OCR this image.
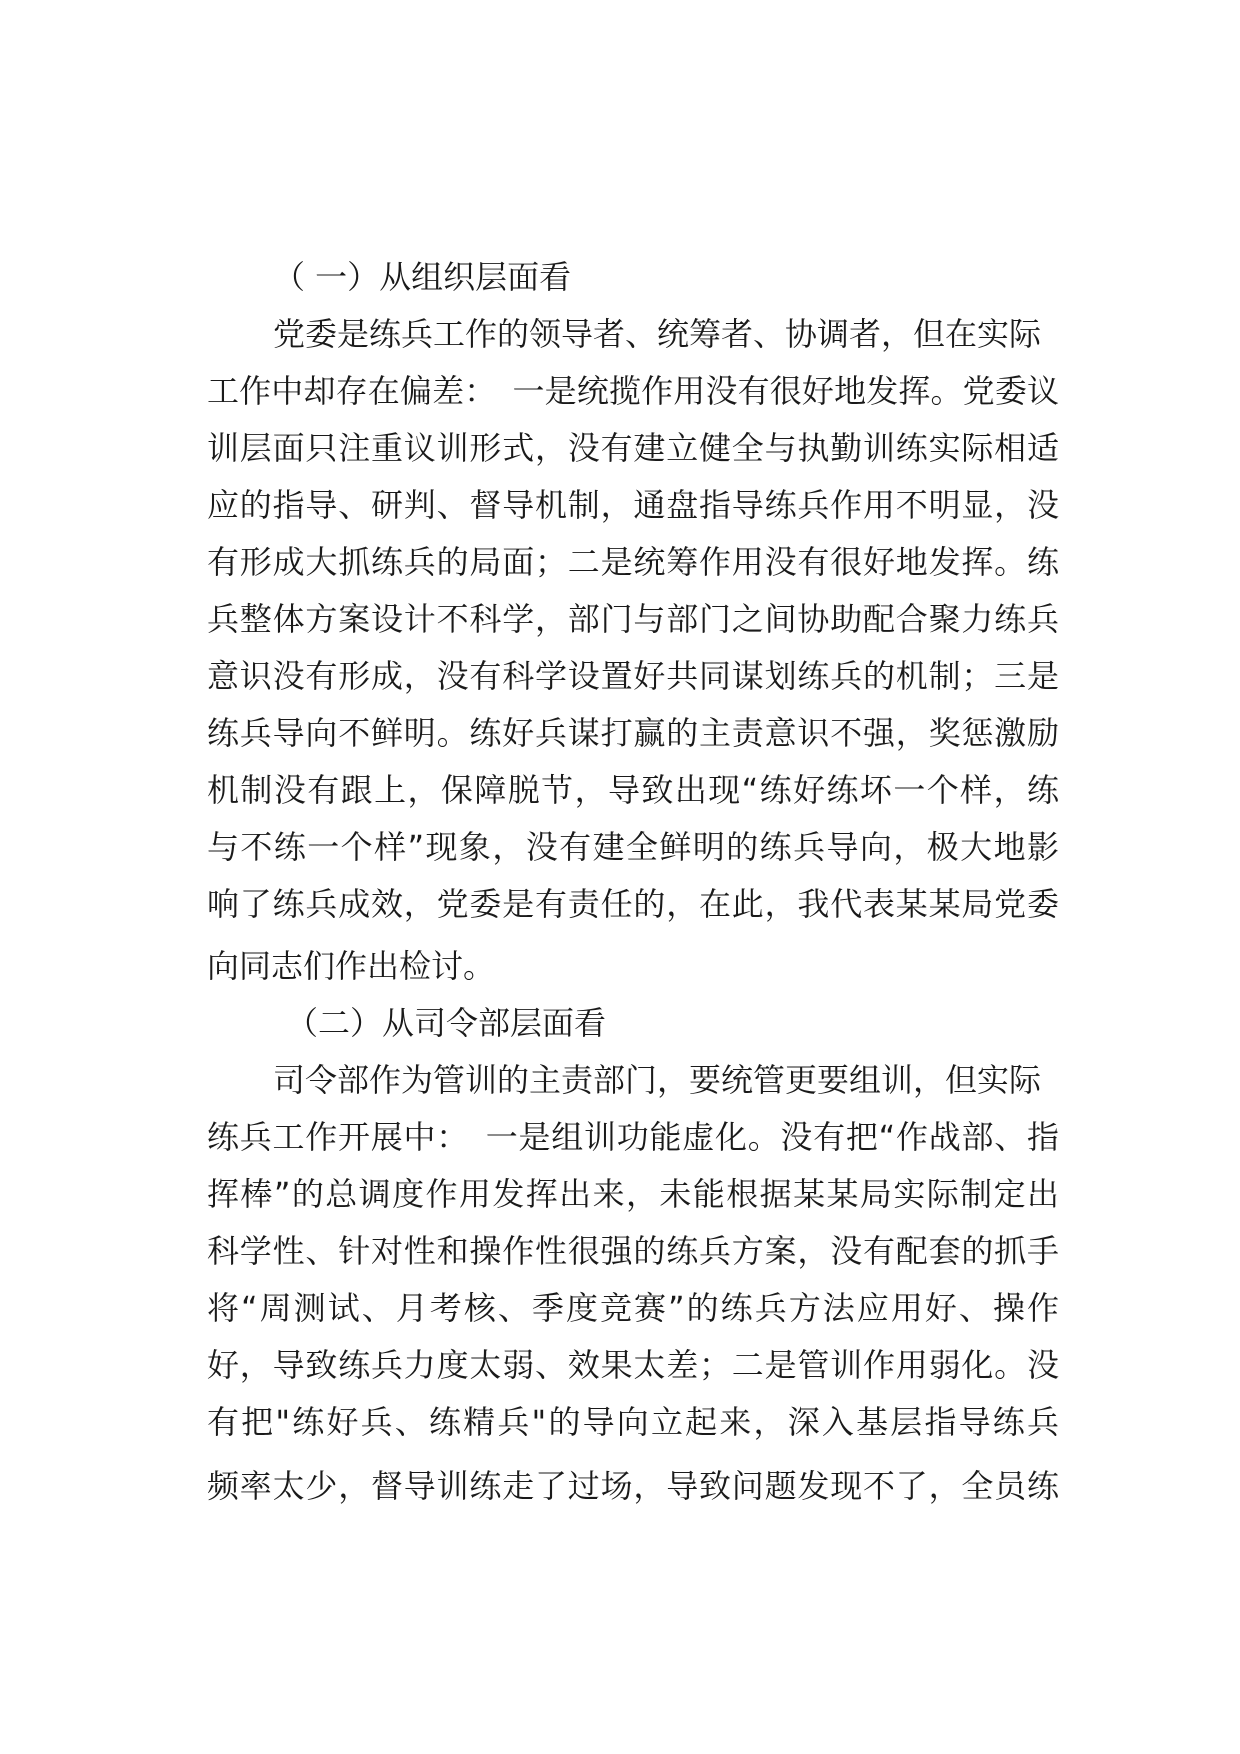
（ 一）从组织层面看
党委是练兵工作的领导者、统筹者、协调者，但在实际
工作中却存在偏差：　一是统揽作用没有很好地发挥。党委议
训层面只注重议训形式，没有建立健全与执勤训练实际相适
应的指导、研判、督导机制，通盘指导练兵作用不明显，没
有形成大抓练兵的局面；二是统筹作用没有很好地发挥。练
兵整体方案设计不科学，部门与部门之间协助配合聚力练兵
意识没有形成，没有科学设置好共同谋划练兵的机制；三是
练兵导向不鲜明。练好兵谋打赢的主责意识不强，奖惩激励
机制没有跟上，保障脱节，导致出现“练好练坏一个样，练
与不练一个样”现象，没有建全鲜明的练兵导向，极大地影
响了练兵成效，党委是有责任的，在此，我代表某某局党委
向同志们作出检讨。
（二）从司令部层面看
司令部作为管训的主责部门，要统管更要组训，但实际
练兵工作开展中：　一是组训功能虚化。没有把“作战部、指
挥棒”的总调度作用发挥出来，未能根据某某局实际制定出
科学性、针对性和操作性很强的练兵方案，没有配套的抓手
将“周测试、月考核、季度竞赛”的练兵方法应用好、操作
好，导致练兵力度太弱、效果太差；二是管训作用弱化。没
有把"练好兵、练精兵"的导向立起来，深入基层指导练兵
频率太少，督导训练走了过场，导致问题发现不了，全员练
